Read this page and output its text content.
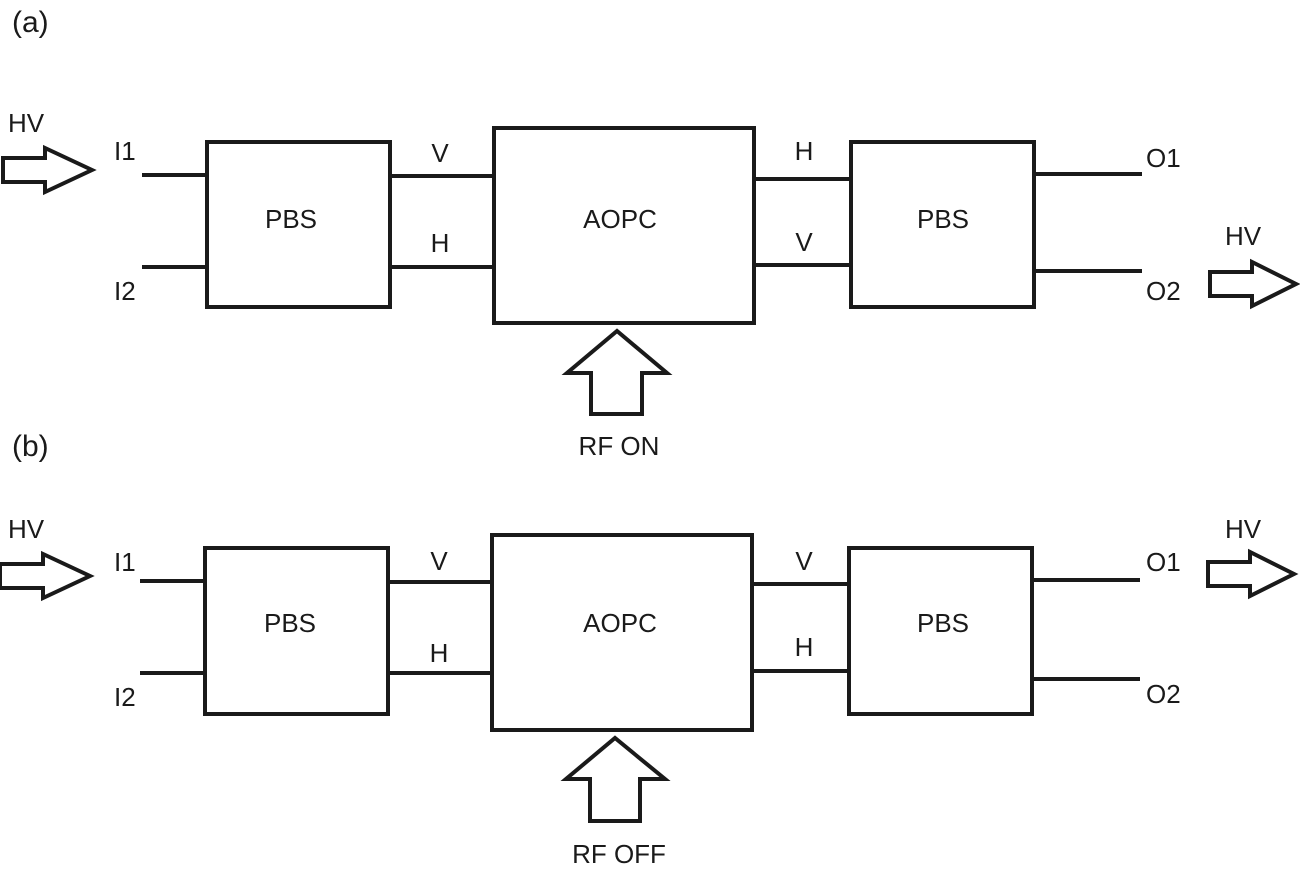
(a)
HV
I1
I2
PBS
V
H
AOPC
H
V
PBS
O1
O2
HV
RF ON
(b)
HV
I1
I2
PBS
V
H
AOPC
V
H
PBS
O1
O2
HV
RF OFF
